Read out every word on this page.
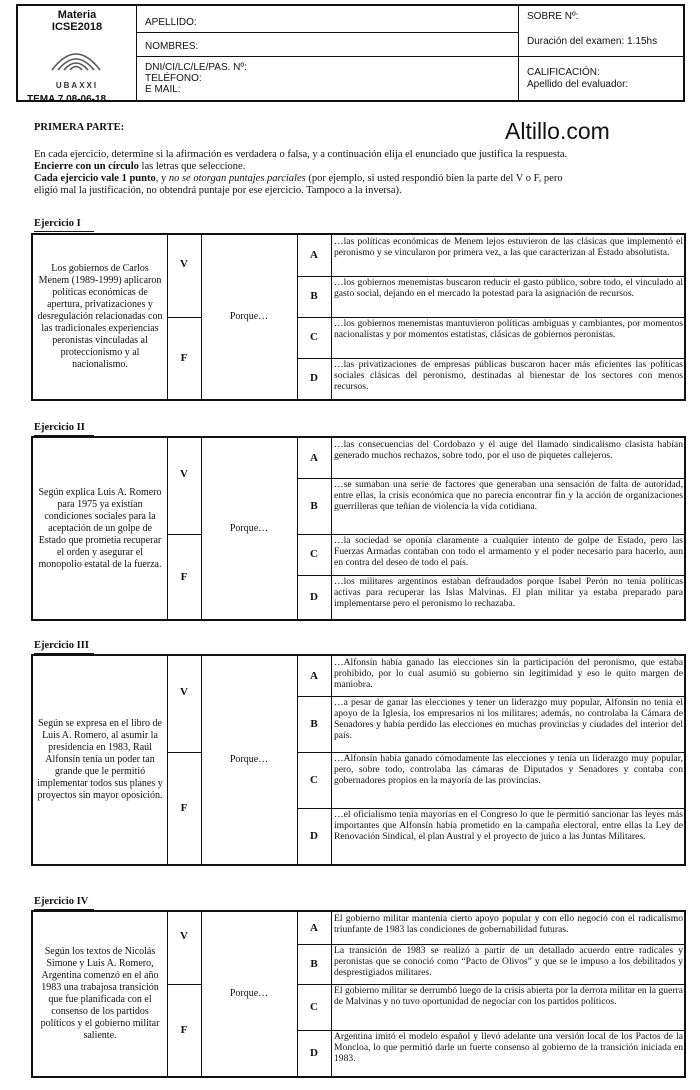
Materia
ICSE2018
UBAXXI
TEMA 7 08-06-18
APELLIDO:
NOMBRES:
DNI/CI/LC/LE/PAS. Nº:
TELÉFONO:
E MAIL:
SOBRE Nº:
Duración del examen: 1.15hs
CALIFICACIÓN:
Apellido del evaluador:
PRIMERA PARTE:	Altillo.com
En cada ejercicio, determine si la afirmación es verdadera o falsa, y a continuación elija el enunciado que justifica la respuesta.
Encierre con un círculo las letras que seleccione.
Cada ejercicio vale 1 punto, y no se otorgan puntajes parciales (por ejemplo, si usted respondió bien la parte del V o F, pero
eligió mal la justificación, no obtendrá puntaje por ese ejercicio. Tampoco a la inversa).
Ejercicio I
A
…las políticas económicas de Menem lejos estuvieron de las clásicas que implementó el peronismo y se vincularon por primera vez, a las que caracterizan al Estado absolutista.
B
…los gobiernos menemistas buscaron reducir el gasto público, sobre todo, el vinculado al gasto social, dejando en el mercado la potestad para la asignación de recursos.
C
…los gobiernos menemistas mantuvieron políticas ambiguas y cambiantes, por momentos nacionalistas y por momentos estatistas, clásicas de gobiernos peronistas.
D
…las privatizaciones de empresas públicas buscaron hacer más eficientes las políticas sociales clásicas del peronismo, destinadas al bienestar de los sectores con menos recursos.
Los gobiernos de Carlos Menem (1989-1999) aplicaron políticas económicas de apertura, privatizaciones y desregulación relacionadas con las tradicionales experiencias peronistas vinculadas al proteccionismo y al nacionalismo.
V
F
Porque…
Ejercicio II
A
…las consecuencias del Cordobazo y el auge del llamado sindicalismo clasista habían generado muchos rechazos, sobre todo, por el uso de piquetes callejeros.
B
…se sumaban una serie de factores que generaban una sensación de falta de autoridad, entre ellas, la crisis económica que no parecía encontrar fin y la acción de organizaciones guerrilleras que teñían de violencia la vida cotidiana.
C
…la sociedad se oponía claramente a cualquier intento de golpe de Estado, pero las Fuerzas Armadas contaban con todo el armamento y el poder necesario para hacerlo, aun en contra del deseo de todo el país.
D
…los militares argentinos estaban defraudados porque Isabel Perón no tenía políticas activas para recuperar las Islas Malvinas. El plan militar ya estaba preparado para implementarse pero el peronismo lo rechazaba.
Según explica Luis A. Romero para 1975 ya existían condiciones sociales para la aceptación de un golpe de Estado que prometía recuperar el orden y asegurar el monopolio estatal de la fuerza.
V
F
Porque…
Ejercicio III
A
…Alfonsín había ganado las elecciones sin la participación del peronismo, que estaba prohibido, por lo cual asumió su gobierno sin legitimidad y eso le quito margen de maniobra.
B
…a pesar de ganar las elecciones y tener un liderazgo muy popular, Alfonsín no tenía el apoyo de la Iglesia, los empresarios ni los militares; además, no controlaba la Cámara de Senadores y había perdido las elecciones en muchas provincias y ciudades del interior del país.
C
…Alfonsín había ganado cómodamente las elecciones y tenía un liderazgo muy popular, pero, sobre todo, controlaba las cámaras de Diputados y Senadores y contaba con gobernadores propios en la mayoría de las provincias.
D
…el oficialismo tenía mayorías en el Congreso lo que le permitió sancionar las leyes más importantes que Alfonsín había prometido en la campaña electoral, entre ellas la Ley de Renovación Sindical, el plan Austral y el proyecto de juico a las Juntas Militares.
Según se expresa en el libro de Luis A. Romero, al asumir la presidencia en 1983, Raúl Alfonsín tenía un poder tan grande que le permitió implementar todos sus planes y proyectos sin mayor oposición.
V
F
Porque…
Ejercicio IV
A
El gobierno militar mantenía cierto apoyo popular y con ello negoció con el radicalismo triunfante de 1983 las condiciones de gobernabilidad futuras.
B
La transición de 1983 se realizó a partir de un detallado acuerdo entre radicales y peronistas que se conoció como “Pacto de Olivos” y que se le impuso a los debilitados y desprestigiados militares.
C
El gobierno militar se derrumbó luego de la crisis abierta por la derrota militar en la guerra de Malvinas y no tuvo oportunidad de negociar con los partidos políticos.
D
Argentina imitó el modelo español y llevó adelante una versión local de los Pactos de la Moncloa, lo que permitió darle un fuerte consenso al gobierno de la transición iniciada en 1983.
Según los textos de Nicolás Simone y Luis A. Romero, Argentina comenzó en el año 1983 una trabajosa transición que fue planificada con el consenso de los partidos políticos y el gobierno militar saliente.
V
F
Porque…
